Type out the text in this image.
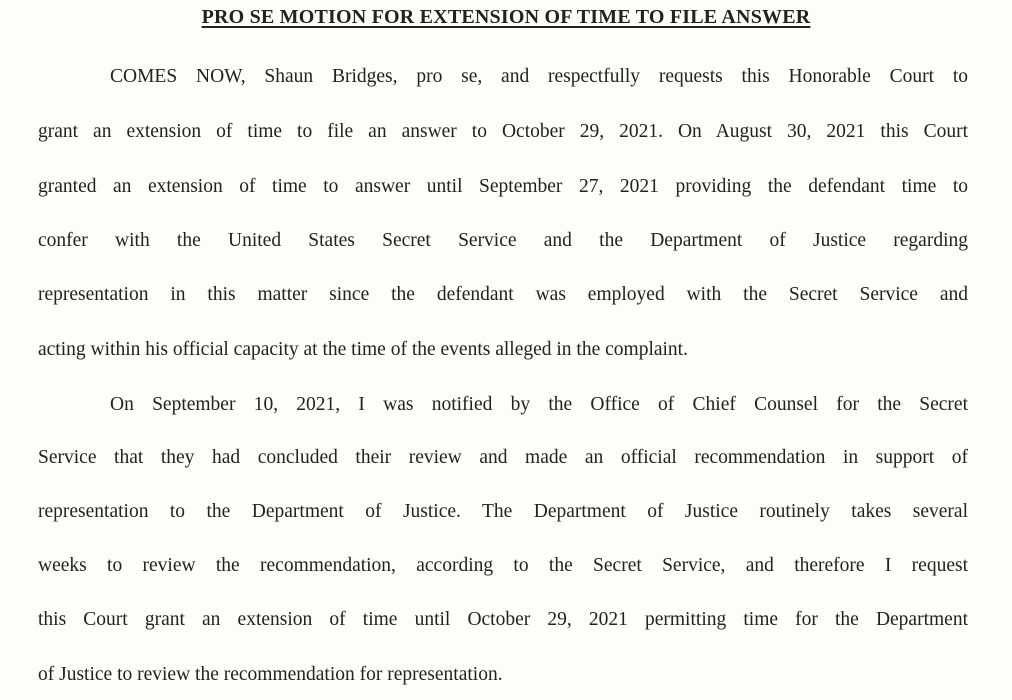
PRO SE MOTION FOR EXTENSION OF TIME TO FILE ANSWER
COMES NOW, Shaun Bridges, pro se, and respectfully requests this Honorable Court to
grant an extension of time to file an answer to October 29, 2021. On August 30, 2021 this Court
granted an extension of time to answer until September 27, 2021 providing the defendant time to
confer with the United States Secret Service and the Department of Justice regarding
representation in this matter since the defendant was employed with the Secret Service and
acting within his official capacity at the time of the events alleged in the complaint.
On September 10, 2021, I was notified by the Office of Chief Counsel for the Secret
Service that they had concluded their review and made an official recommendation in support of
representation to the Department of Justice. The Department of Justice routinely takes several
weeks to review the recommendation, according to the Secret Service, and therefore I request
this Court grant an extension of time until October 29, 2021 permitting time for the Department
of Justice to review the recommendation for representation.
